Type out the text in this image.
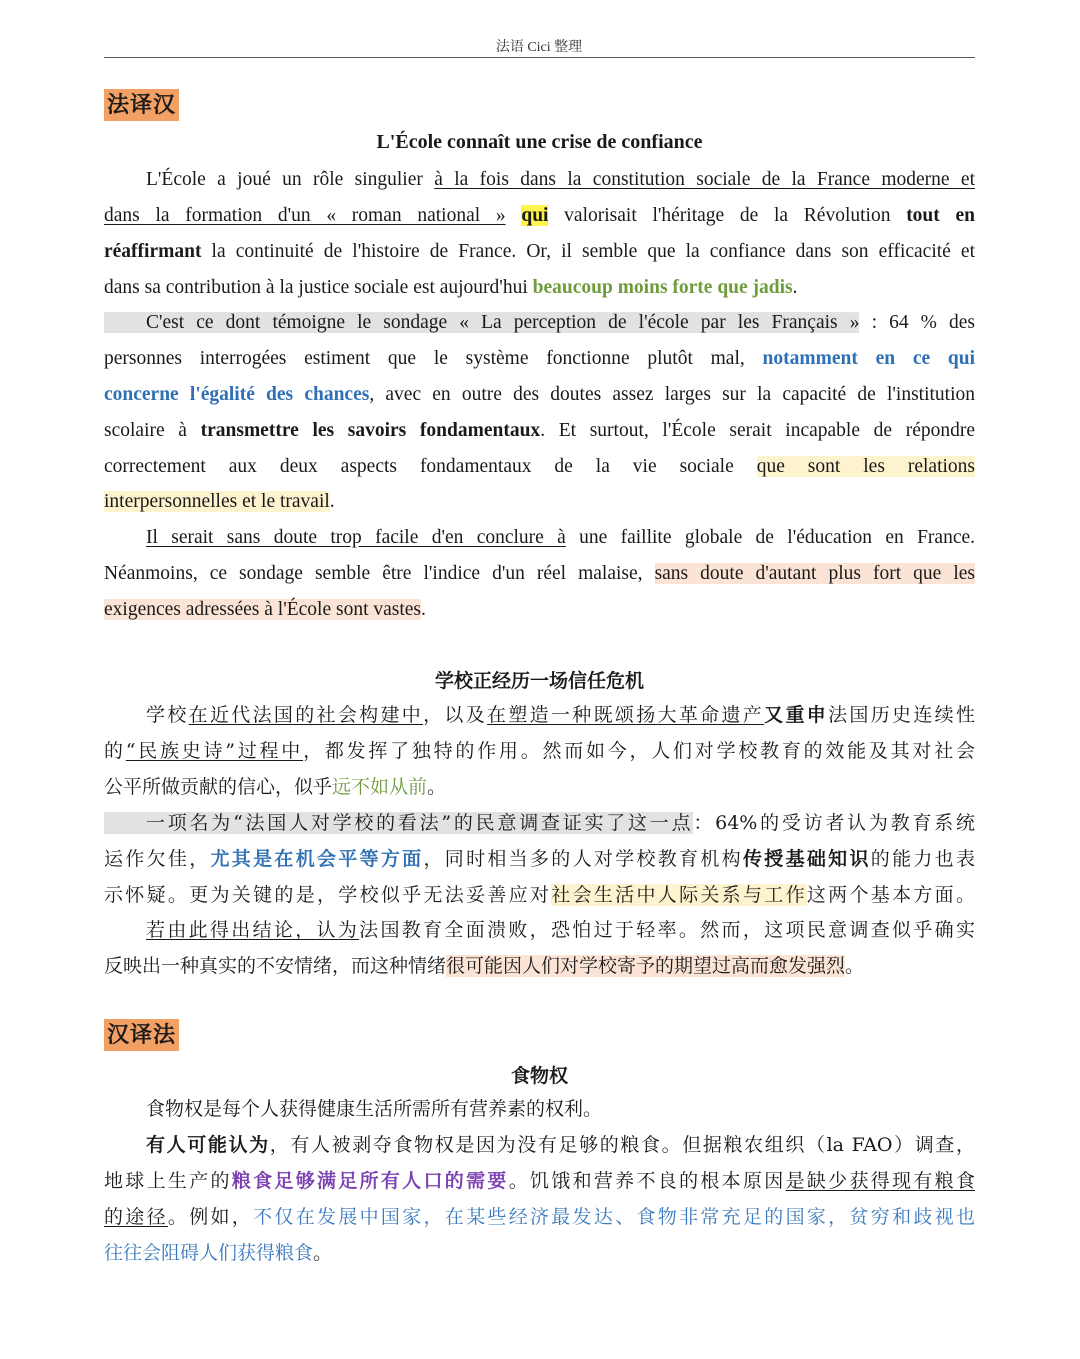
法语 Cici 整理
法译汉
L'École connaît une crise de confiance
L'École a joué un rôle singulier à la fois dans la constitution sociale de la France moderne et
dans la formation d'un « roman national » qui valorisait l'héritage de la Révolution tout en
réaffirmant la continuité de l'histoire de France. Or, il semble que la confiance dans son efficacité et
dans sa contribution à la justice sociale est aujourd'hui beaucoup moins forte que jadis.
C'est ce dont témoigne le sondage « La perception de l'école par les Français » : 64 % des
personnes interrogées estiment que le système fonctionne plutôt mal, notamment en ce qui
concerne l'égalité des chances, avec en outre des doutes assez larges sur la capacité de l'institution
scolaire à transmettre les savoirs fondamentaux. Et surtout, l'École serait incapable de répondre
correctement aux deux aspects fondamentaux de la vie sociale que sont les relations
interpersonnelles et le travail.
Il serait sans doute trop facile d'en conclure à une faillite globale de l'éducation en France.
Néanmoins, ce sondage semble être l'indice d'un réel malaise, sans doute d'autant plus fort que les
exigences adressées à l'École sont vastes.
学校正经历一场信任危机
学校在近代法国的社会构建中，以及在塑造一种既颂扬大革命遗产又重申法国历史连续性
的“民族史诗”过程中，都发挥了独特的作用。然而如今，人们对学校教育的效能及其对社会
公平所做贡献的信心，似乎远不如从前。
一项名为“法国人对学校的看法”的民意调查证实了这一点：64%的受访者认为教育系统
运作欠佳，尤其是在机会平等方面，同时相当多的人对学校教育机构传授基础知识的能力也表
示怀疑。更为关键的是，学校似乎无法妥善应对社会生活中人际关系与工作这两个基本方面。
若由此得出结论，认为法国教育全面溃败，恐怕过于轻率。然而，这项民意调查似乎确实
反映出一种真实的不安情绪，而这种情绪很可能因人们对学校寄予的期望过高而愈发强烈。
汉译法
食物权
食物权是每个人获得健康生活所需所有营养素的权利。
有人可能认为，有人被剥夺食物权是因为没有足够的粮食。但据粮农组织（la FAO）调查，
地球上生产的粮食足够满足所有人口的需要。饥饿和营养不良的根本原因是缺少获得现有粮食
的途径。例如，不仅在发展中国家，在某些经济最发达、食物非常充足的国家，贫穷和歧视也
往往会阻碍人们获得粮食。
